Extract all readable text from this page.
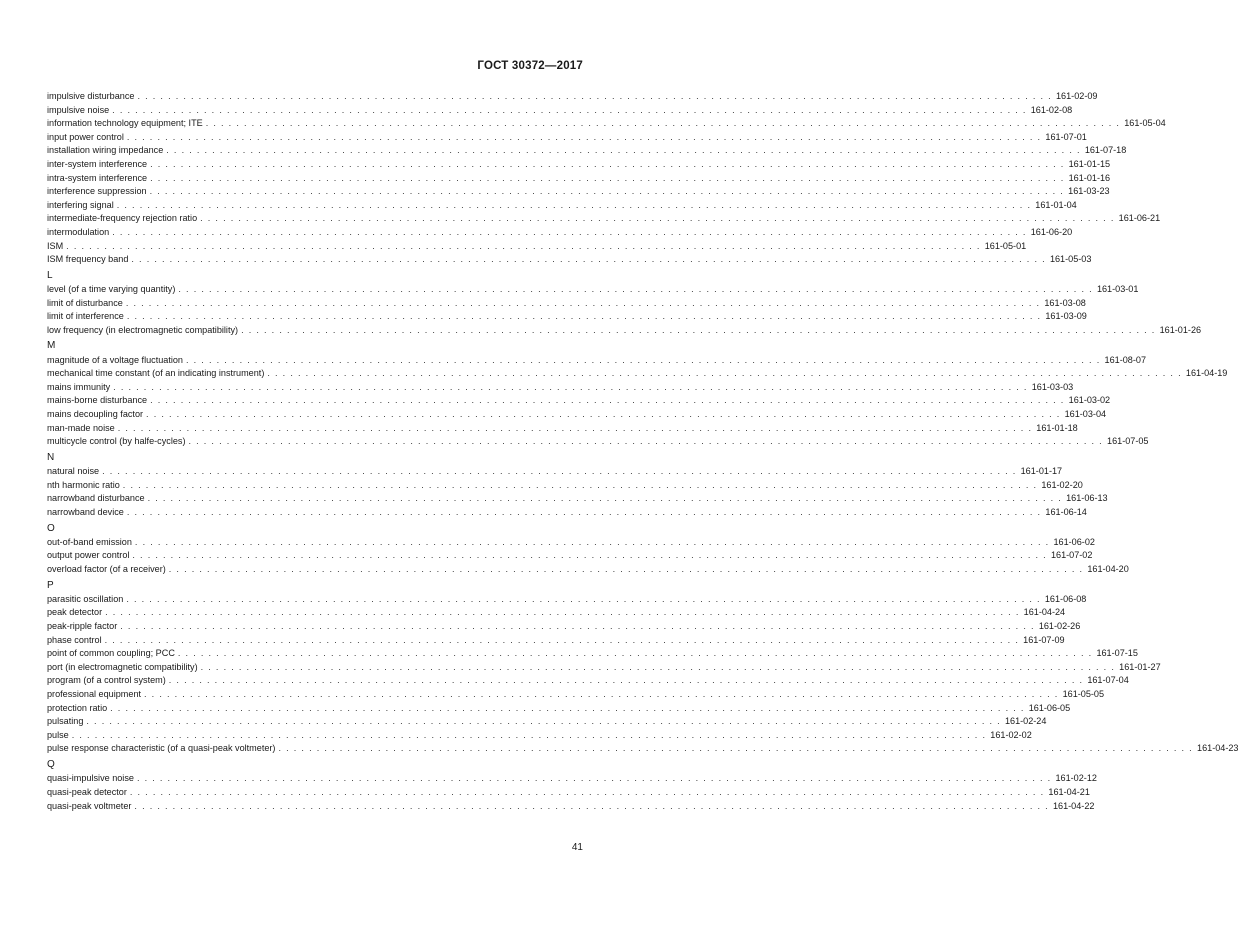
ГОСТ 30372—2017
impulsive disturbance . . . . . . . . . . . . . . . . . . . . . . . . . . . . . . . . . . . . . . . . . . . . . . . . . . . . . . . . . . . . . . . . . . . . . . . . . . . . . . . . . . . . . . . . . . . . . . . . . . . . . . . . . . . . . . . . . . . . . . . . 161-02-09
impulsive noise . . . . . . . . . . . . . . . . . . . . . . . . . . . . . . . . . . . . . . . . . . . . . . . . . . . . . . . . . . . . . . . . . . . . . . . . . . . . . . . . . . . . . . . . . . . . . . . . . . . . . . . . . . . . . . . . . . . . . . . . 161-02-08
information technology equipment; ITE . . . . . . . . . . . . . . . . . . . . . . . . . . . . . . . . . . . . . . . . . . . . . . . . . . . . . . . . . . . . . . . . . . . . . . . . . . . . . . . . . . . . . . . . . . . . . . . . . . . . . . . . . . . . . . . . . . . . . . . . 161-05-04
input power control . . . . . . . . . . . . . . . . . . . . . . . . . . . . . . . . . . . . . . . . . . . . . . . . . . . . . . . . . . . . . . . . . . . . . . . . . . . . . . . . . . . . . . . . . . . . . . . . . . . . . . . . . . . . . . . . . . . . . . . . 161-07-01
installation wiring impedance . . . . . . . . . . . . . . . . . . . . . . . . . . . . . . . . . . . . . . . . . . . . . . . . . . . . . . . . . . . . . . . . . . . . . . . . . . . . . . . . . . . . . . . . . . . . . . . . . . . . . . . . . . . . . . . . . . . . . . . . 161-07-18
inter-system interference . . . . . . . . . . . . . . . . . . . . . . . . . . . . . . . . . . . . . . . . . . . . . . . . . . . . . . . . . . . . . . . . . . . . . . . . . . . . . . . . . . . . . . . . . . . . . . . . . . . . . . . . . . . . . . . . . . . . . . . . 161-01-15
intra-system interference . . . . . . . . . . . . . . . . . . . . . . . . . . . . . . . . . . . . . . . . . . . . . . . . . . . . . . . . . . . . . . . . . . . . . . . . . . . . . . . . . . . . . . . . . . . . . . . . . . . . . . . . . . . . . . . . . . . . . . . . 161-01-16
interference suppression . . . . . . . . . . . . . . . . . . . . . . . . . . . . . . . . . . . . . . . . . . . . . . . . . . . . . . . . . . . . . . . . . . . . . . . . . . . . . . . . . . . . . . . . . . . . . . . . . . . . . . . . . . . . . . . . . . . . . . . . 161-03-23
interfering signal . . . . . . . . . . . . . . . . . . . . . . . . . . . . . . . . . . . . . . . . . . . . . . . . . . . . . . . . . . . . . . . . . . . . . . . . . . . . . . . . . . . . . . . . . . . . . . . . . . . . . . . . . . . . . . . . . . . . . . . . 161-01-04
intermediate-frequency rejection ratio . . . . . . . . . . . . . . . . . . . . . . . . . . . . . . . . . . . . . . . . . . . . . . . . . . . . . . . . . . . . . . . . . . . . . . . . . . . . . . . . . . . . . . . . . . . . . . . . . . . . . . . . . . . . . . . . . . . . . . . . 161-06-21
intermodulation . . . . . . . . . . . . . . . . . . . . . . . . . . . . . . . . . . . . . . . . . . . . . . . . . . . . . . . . . . . . . . . . . . . . . . . . . . . . . . . . . . . . . . . . . . . . . . . . . . . . . . . . . . . . . . . . . . . . . . . . 161-06-20
ISM . . . . . . . . . . . . . . . . . . . . . . . . . . . . . . . . . . . . . . . . . . . . . . . . . . . . . . . . . . . . . . . . . . . . . . . . . . . . . . . . . . . . . . . . . . . . . . . . . . . . . . . . . . . . . . . . . . . . . . . . 161-05-01
ISM frequency band . . . . . . . . . . . . . . . . . . . . . . . . . . . . . . . . . . . . . . . . . . . . . . . . . . . . . . . . . . . . . . . . . . . . . . . . . . . . . . . . . . . . . . . . . . . . . . . . . . . . . . . . . . . . . . . . . . . . . . . . 161-05-03
L
level (of a time varying quantity) . . . . . . . . . . . . . . . . . . . . . . . . . . . . . . . . . . . . . . . . . . . . . . . . . . . . . . . . . . . . . . . . . . . . . . . . . . . . . . . . . . . . . . . . . . . . . . . . . . . . . . . . . . . . . . . . . . . . . . . . 161-03-01
limit of disturbance . . . . . . . . . . . . . . . . . . . . . . . . . . . . . . . . . . . . . . . . . . . . . . . . . . . . . . . . . . . . . . . . . . . . . . . . . . . . . . . . . . . . . . . . . . . . . . . . . . . . . . . . . . . . . . . . . . . . . . . . 161-03-08
limit of interference . . . . . . . . . . . . . . . . . . . . . . . . . . . . . . . . . . . . . . . . . . . . . . . . . . . . . . . . . . . . . . . . . . . . . . . . . . . . . . . . . . . . . . . . . . . . . . . . . . . . . . . . . . . . . . . . . . . . . . . . 161-03-09
low frequency (in electromagnetic compatibility) . . . . . . . . . . . . . . . . . . . . . . . . . . . . . . . . . . . . . . . . . . . . . . . . . . . . . . . . . . . . . . . . . . . . . . . . . . . . . . . . . . . . . . . . . . . . . . . . . . . . . . . . . . . . . . . . . . . . . . . . 161-01-26
M
magnitude of a voltage fluctuation . . . . . . . . . . . . . . . . . . . . . . . . . . . . . . . . . . . . . . . . . . . . . . . . . . . . . . . . . . . . . . . . . . . . . . . . . . . . . . . . . . . . . . . . . . . . . . . . . . . . . . . . . . . . . . . . . . . . . . . . 161-08-07
mechanical time constant (of an indicating instrument) . . . . . . . . . . . . . . . . . . . . . . . . . . . . . . . . . . . . . . . . . . . . . . . . . . . . . . . . . . . . . . . . . . . . . . . . . . . . . . . . . . . . . . . . . . . . . . . . . . . . . . . . . . . . . . . . . . . . . . . . 161-04-19
mains immunity . . . . . . . . . . . . . . . . . . . . . . . . . . . . . . . . . . . . . . . . . . . . . . . . . . . . . . . . . . . . . . . . . . . . . . . . . . . . . . . . . . . . . . . . . . . . . . . . . . . . . . . . . . . . . . . . . . . . . . . . 161-03-03
mains-borne disturbance . . . . . . . . . . . . . . . . . . . . . . . . . . . . . . . . . . . . . . . . . . . . . . . . . . . . . . . . . . . . . . . . . . . . . . . . . . . . . . . . . . . . . . . . . . . . . . . . . . . . . . . . . . . . . . . . . . . . . . . . 161-03-02
mains decoupling factor . . . . . . . . . . . . . . . . . . . . . . . . . . . . . . . . . . . . . . . . . . . . . . . . . . . . . . . . . . . . . . . . . . . . . . . . . . . . . . . . . . . . . . . . . . . . . . . . . . . . . . . . . . . . . . . . . . . . . . . . 161-03-04
man-made noise . . . . . . . . . . . . . . . . . . . . . . . . . . . . . . . . . . . . . . . . . . . . . . . . . . . . . . . . . . . . . . . . . . . . . . . . . . . . . . . . . . . . . . . . . . . . . . . . . . . . . . . . . . . . . . . . . . . . . . . . 161-01-18
multicycle control (by halfe-cycles) . . . . . . . . . . . . . . . . . . . . . . . . . . . . . . . . . . . . . . . . . . . . . . . . . . . . . . . . . . . . . . . . . . . . . . . . . . . . . . . . . . . . . . . . . . . . . . . . . . . . . . . . . . . . . . . . . . . . . . . . 161-07-05
N
natural noise . . . . . . . . . . . . . . . . . . . . . . . . . . . . . . . . . . . . . . . . . . . . . . . . . . . . . . . . . . . . . . . . . . . . . . . . . . . . . . . . . . . . . . . . . . . . . . . . . . . . . . . . . . . . . . . . . . . . . . . . 161-01-17
nth harmonic ratio . . . . . . . . . . . . . . . . . . . . . . . . . . . . . . . . . . . . . . . . . . . . . . . . . . . . . . . . . . . . . . . . . . . . . . . . . . . . . . . . . . . . . . . . . . . . . . . . . . . . . . . . . . . . . . . . . . . . . . . . 161-02-20
narrowband disturbance . . . . . . . . . . . . . . . . . . . . . . . . . . . . . . . . . . . . . . . . . . . . . . . . . . . . . . . . . . . . . . . . . . . . . . . . . . . . . . . . . . . . . . . . . . . . . . . . . . . . . . . . . . . . . . . . . . . . . . . . 161-06-13
narrowband device . . . . . . . . . . . . . . . . . . . . . . . . . . . . . . . . . . . . . . . . . . . . . . . . . . . . . . . . . . . . . . . . . . . . . . . . . . . . . . . . . . . . . . . . . . . . . . . . . . . . . . . . . . . . . . . . . . . . . . . . 161-06-14
O
out-of-band emission . . . . . . . . . . . . . . . . . . . . . . . . . . . . . . . . . . . . . . . . . . . . . . . . . . . . . . . . . . . . . . . . . . . . . . . . . . . . . . . . . . . . . . . . . . . . . . . . . . . . . . . . . . . . . . . . . . . . . . . . 161-06-02
output power control . . . . . . . . . . . . . . . . . . . . . . . . . . . . . . . . . . . . . . . . . . . . . . . . . . . . . . . . . . . . . . . . . . . . . . . . . . . . . . . . . . . . . . . . . . . . . . . . . . . . . . . . . . . . . . . . . . . . . . . . 161-07-02
overload factor (of a receiver) . . . . . . . . . . . . . . . . . . . . . . . . . . . . . . . . . . . . . . . . . . . . . . . . . . . . . . . . . . . . . . . . . . . . . . . . . . . . . . . . . . . . . . . . . . . . . . . . . . . . . . . . . . . . . . . . . . . . . . . . 161-04-20
P
parasitic oscillation . . . . . . . . . . . . . . . . . . . . . . . . . . . . . . . . . . . . . . . . . . . . . . . . . . . . . . . . . . . . . . . . . . . . . . . . . . . . . . . . . . . . . . . . . . . . . . . . . . . . . . . . . . . . . . . . . . . . . . . . 161-06-08
peak detector . . . . . . . . . . . . . . . . . . . . . . . . . . . . . . . . . . . . . . . . . . . . . . . . . . . . . . . . . . . . . . . . . . . . . . . . . . . . . . . . . . . . . . . . . . . . . . . . . . . . . . . . . . . . . . . . . . . . . . . . 161-04-24
peak-ripple factor . . . . . . . . . . . . . . . . . . . . . . . . . . . . . . . . . . . . . . . . . . . . . . . . . . . . . . . . . . . . . . . . . . . . . . . . . . . . . . . . . . . . . . . . . . . . . . . . . . . . . . . . . . . . . . . . . . . . . . . . 161-02-26
phase control . . . . . . . . . . . . . . . . . . . . . . . . . . . . . . . . . . . . . . . . . . . . . . . . . . . . . . . . . . . . . . . . . . . . . . . . . . . . . . . . . . . . . . . . . . . . . . . . . . . . . . . . . . . . . . . . . . . . . . . . 161-07-09
point of common coupling; PCC . . . . . . . . . . . . . . . . . . . . . . . . . . . . . . . . . . . . . . . . . . . . . . . . . . . . . . . . . . . . . . . . . . . . . . . . . . . . . . . . . . . . . . . . . . . . . . . . . . . . . . . . . . . . . . . . . . . . . . . . 161-07-15
port (in electromagnetic compatibility) . . . . . . . . . . . . . . . . . . . . . . . . . . . . . . . . . . . . . . . . . . . . . . . . . . . . . . . . . . . . . . . . . . . . . . . . . . . . . . . . . . . . . . . . . . . . . . . . . . . . . . . . . . . . . . . . . . . . . . . . 161-01-27
program (of a control system) . . . . . . . . . . . . . . . . . . . . . . . . . . . . . . . . . . . . . . . . . . . . . . . . . . . . . . . . . . . . . . . . . . . . . . . . . . . . . . . . . . . . . . . . . . . . . . . . . . . . . . . . . . . . . . . . . . . . . . . . 161-07-04
professional equipment . . . . . . . . . . . . . . . . . . . . . . . . . . . . . . . . . . . . . . . . . . . . . . . . . . . . . . . . . . . . . . . . . . . . . . . . . . . . . . . . . . . . . . . . . . . . . . . . . . . . . . . . . . . . . . . . . . . . . . . . 161-05-05
protection ratio . . . . . . . . . . . . . . . . . . . . . . . . . . . . . . . . . . . . . . . . . . . . . . . . . . . . . . . . . . . . . . . . . . . . . . . . . . . . . . . . . . . . . . . . . . . . . . . . . . . . . . . . . . . . . . . . . . . . . . . . 161-06-05
pulsating . . . . . . . . . . . . . . . . . . . . . . . . . . . . . . . . . . . . . . . . . . . . . . . . . . . . . . . . . . . . . . . . . . . . . . . . . . . . . . . . . . . . . . . . . . . . . . . . . . . . . . . . . . . . . . . . . . . . . . . . 161-02-24
pulse . . . . . . . . . . . . . . . . . . . . . . . . . . . . . . . . . . . . . . . . . . . . . . . . . . . . . . . . . . . . . . . . . . . . . . . . . . . . . . . . . . . . . . . . . . . . . . . . . . . . . . . . . . . . . . . . . . . . . . . . 161-02-02
pulse response characteristic (of a quasi-peak voltmeter) . . . . . . . . . . . . . . . . . . . . . . . . . . . . . . . . . . . . . . . . . . . . . . . . . . . . . . . . . . . . . . . . . . . . . . . . . . . . . . . . . . . . . . . . . . . . . . . . . . . . . . . . . . . . . . . . . . . . . . . . 161-04-23
Q
quasi-impulsive noise . . . . . . . . . . . . . . . . . . . . . . . . . . . . . . . . . . . . . . . . . . . . . . . . . . . . . . . . . . . . . . . . . . . . . . . . . . . . . . . . . . . . . . . . . . . . . . . . . . . . . . . . . . . . . . . . . . . . . . . . 161-02-12
quasi-peak detector . . . . . . . . . . . . . . . . . . . . . . . . . . . . . . . . . . . . . . . . . . . . . . . . . . . . . . . . . . . . . . . . . . . . . . . . . . . . . . . . . . . . . . . . . . . . . . . . . . . . . . . . . . . . . . . . . . . . . . . . 161-04-21
quasi-peak voltmeter . . . . . . . . . . . . . . . . . . . . . . . . . . . . . . . . . . . . . . . . . . . . . . . . . . . . . . . . . . . . . . . . . . . . . . . . . . . . . . . . . . . . . . . . . . . . . . . . . . . . . . . . . . . . . . . . . . . . . . . . 161-04-22
41
